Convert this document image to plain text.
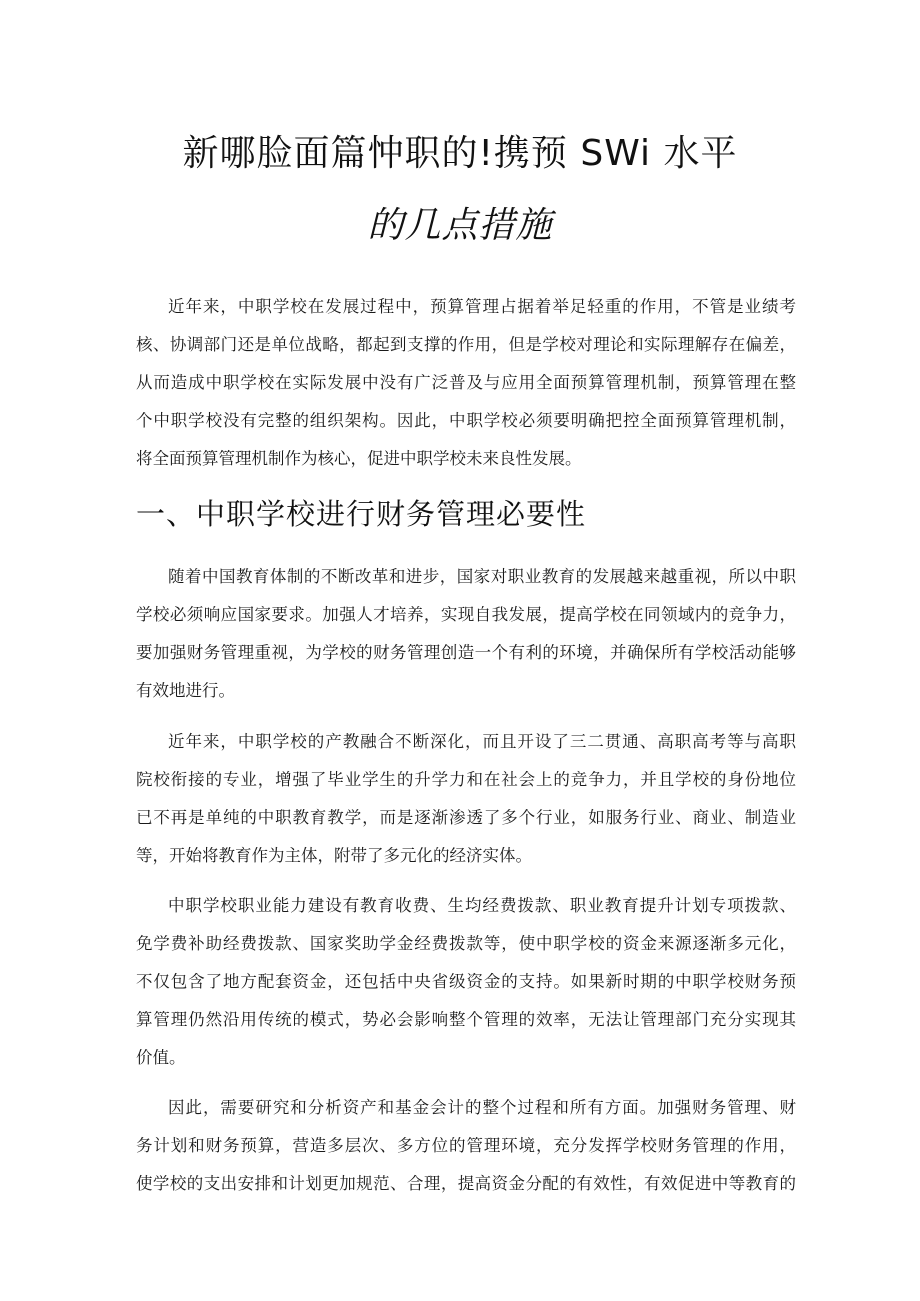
新哪脸面篇忡职的!携预 SWi 水平
的几点措施
近年来，中职学校在发展过程中，预算管理占据着举足轻重的作用，不管是业绩考
核、协调部门还是单位战略，都起到支撑的作用，但是学校对理论和实际理解存在偏差，
从而造成中职学校在实际发展中没有广泛普及与应用全面预算管理机制，预算管理在整
个中职学校没有完整的组织架构。因此，中职学校必须要明确把控全面预算管理机制，
将全面预算管理机制作为核心，促进中职学校未来良性发展。
一、中职学校进行财务管理必要性
随着中国教育体制的不断改革和进步，国家对职业教育的发展越来越重视，所以中职
学校必须响应国家要求。加强人才培养，实现自我发展，提高学校在同领域内的竞争力，
要加强财务管理重视，为学校的财务管理创造一个有利的环境，并确保所有学校活动能够
有效地进行。
近年来，中职学校的产教融合不断深化，而且开设了三二贯通、高职高考等与高职
院校衔接的专业，增强了毕业学生的升学力和在社会上的竞争力，并且学校的身份地位
已不再是单纯的中职教育教学，而是逐渐渗透了多个行业，如服务行业、商业、制造业
等，开始将教育作为主体，附带了多元化的经济实体。
中职学校职业能力建设有教育收费、生均经费拨款、职业教育提升计划专项拨款、
免学费补助经费拨款、国家奖助学金经费拨款等，使中职学校的资金来源逐渐多元化，
不仅包含了地方配套资金，还包括中央省级资金的支持。如果新时期的中职学校财务预
算管理仍然沿用传统的模式，势必会影响整个管理的效率，无法让管理部门充分实现其
价值。
因此，需要研究和分析资产和基金会计的整个过程和所有方面。加强财务管理、财
务计划和财务预算，营造多层次、多方位的管理环境，充分发挥学校财务管理的作用，
使学校的支出安排和计划更加规范、合理，提高资金分配的有效性，有效促进中等教育的
